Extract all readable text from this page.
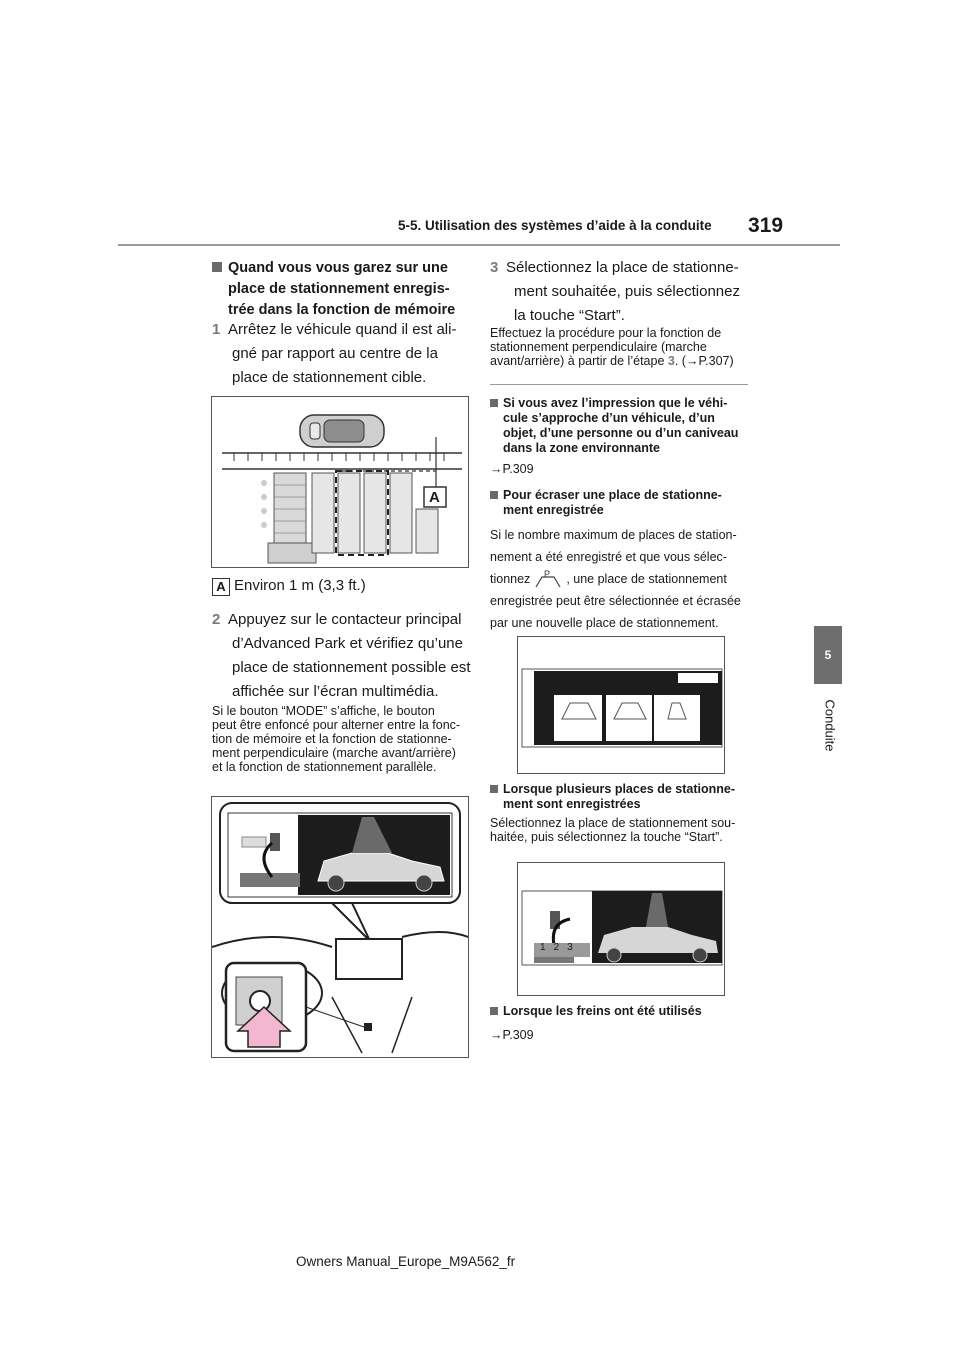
5-5. Utilisation des systèmes d’aide à la conduite 319
5
Conduite
Quand vous vous garez sur une
place de stationnement enregis-
trée dans la fonction de mémoire
1 Arrêtez le véhicule quand il est ali-
gné par rapport au centre de la
place de stationnement cible.
A
A Environ 1 m (3,3 ft.)
2 Appuyez sur le contacteur principal
d’Advanced Park et vérifiez qu’une
place de stationnement possible est
affichée sur l’écran multimédia.
Si le bouton “MODE” s’affiche, le bouton
peut être enfoncé pour alterner entre la fonc-
tion de mémoire et la fonction de stationne-
ment perpendiculaire (marche avant/arrière)
et la fonction de stationnement parallèle.
3 Sélectionnez la place de stationne-
ment souhaitée, puis sélectionnez
la touche “Start”.
Effectuez la procédure pour la fonction de
stationnement perpendiculaire (marche
avant/arrière) à partir de l’étape 3. (→P.307)
Si vous avez l’impression que le véhi-
cule s’approche d’un véhicule, d’un
objet, d’une personne ou d’un caniveau
dans la zone environnante
→P.309
Pour écraser une place de stationne-
ment enregistrée
Si le nombre maximum de places de station-
nement a été enregistré et que vous sélec-
tionnez P , une place de stationnement
enregistrée peut être sélectionnée et écrasée
par une nouvelle place de stationnement.
Lorsque plusieurs places de stationne-
ment sont enregistrées
Sélectionnez la place de stationnement sou-
haitée, puis sélectionnez la touche “Start”.
1 2 3
Lorsque les freins ont été utilisés
→P.309
Owners Manual_Europe_M9A562_fr
